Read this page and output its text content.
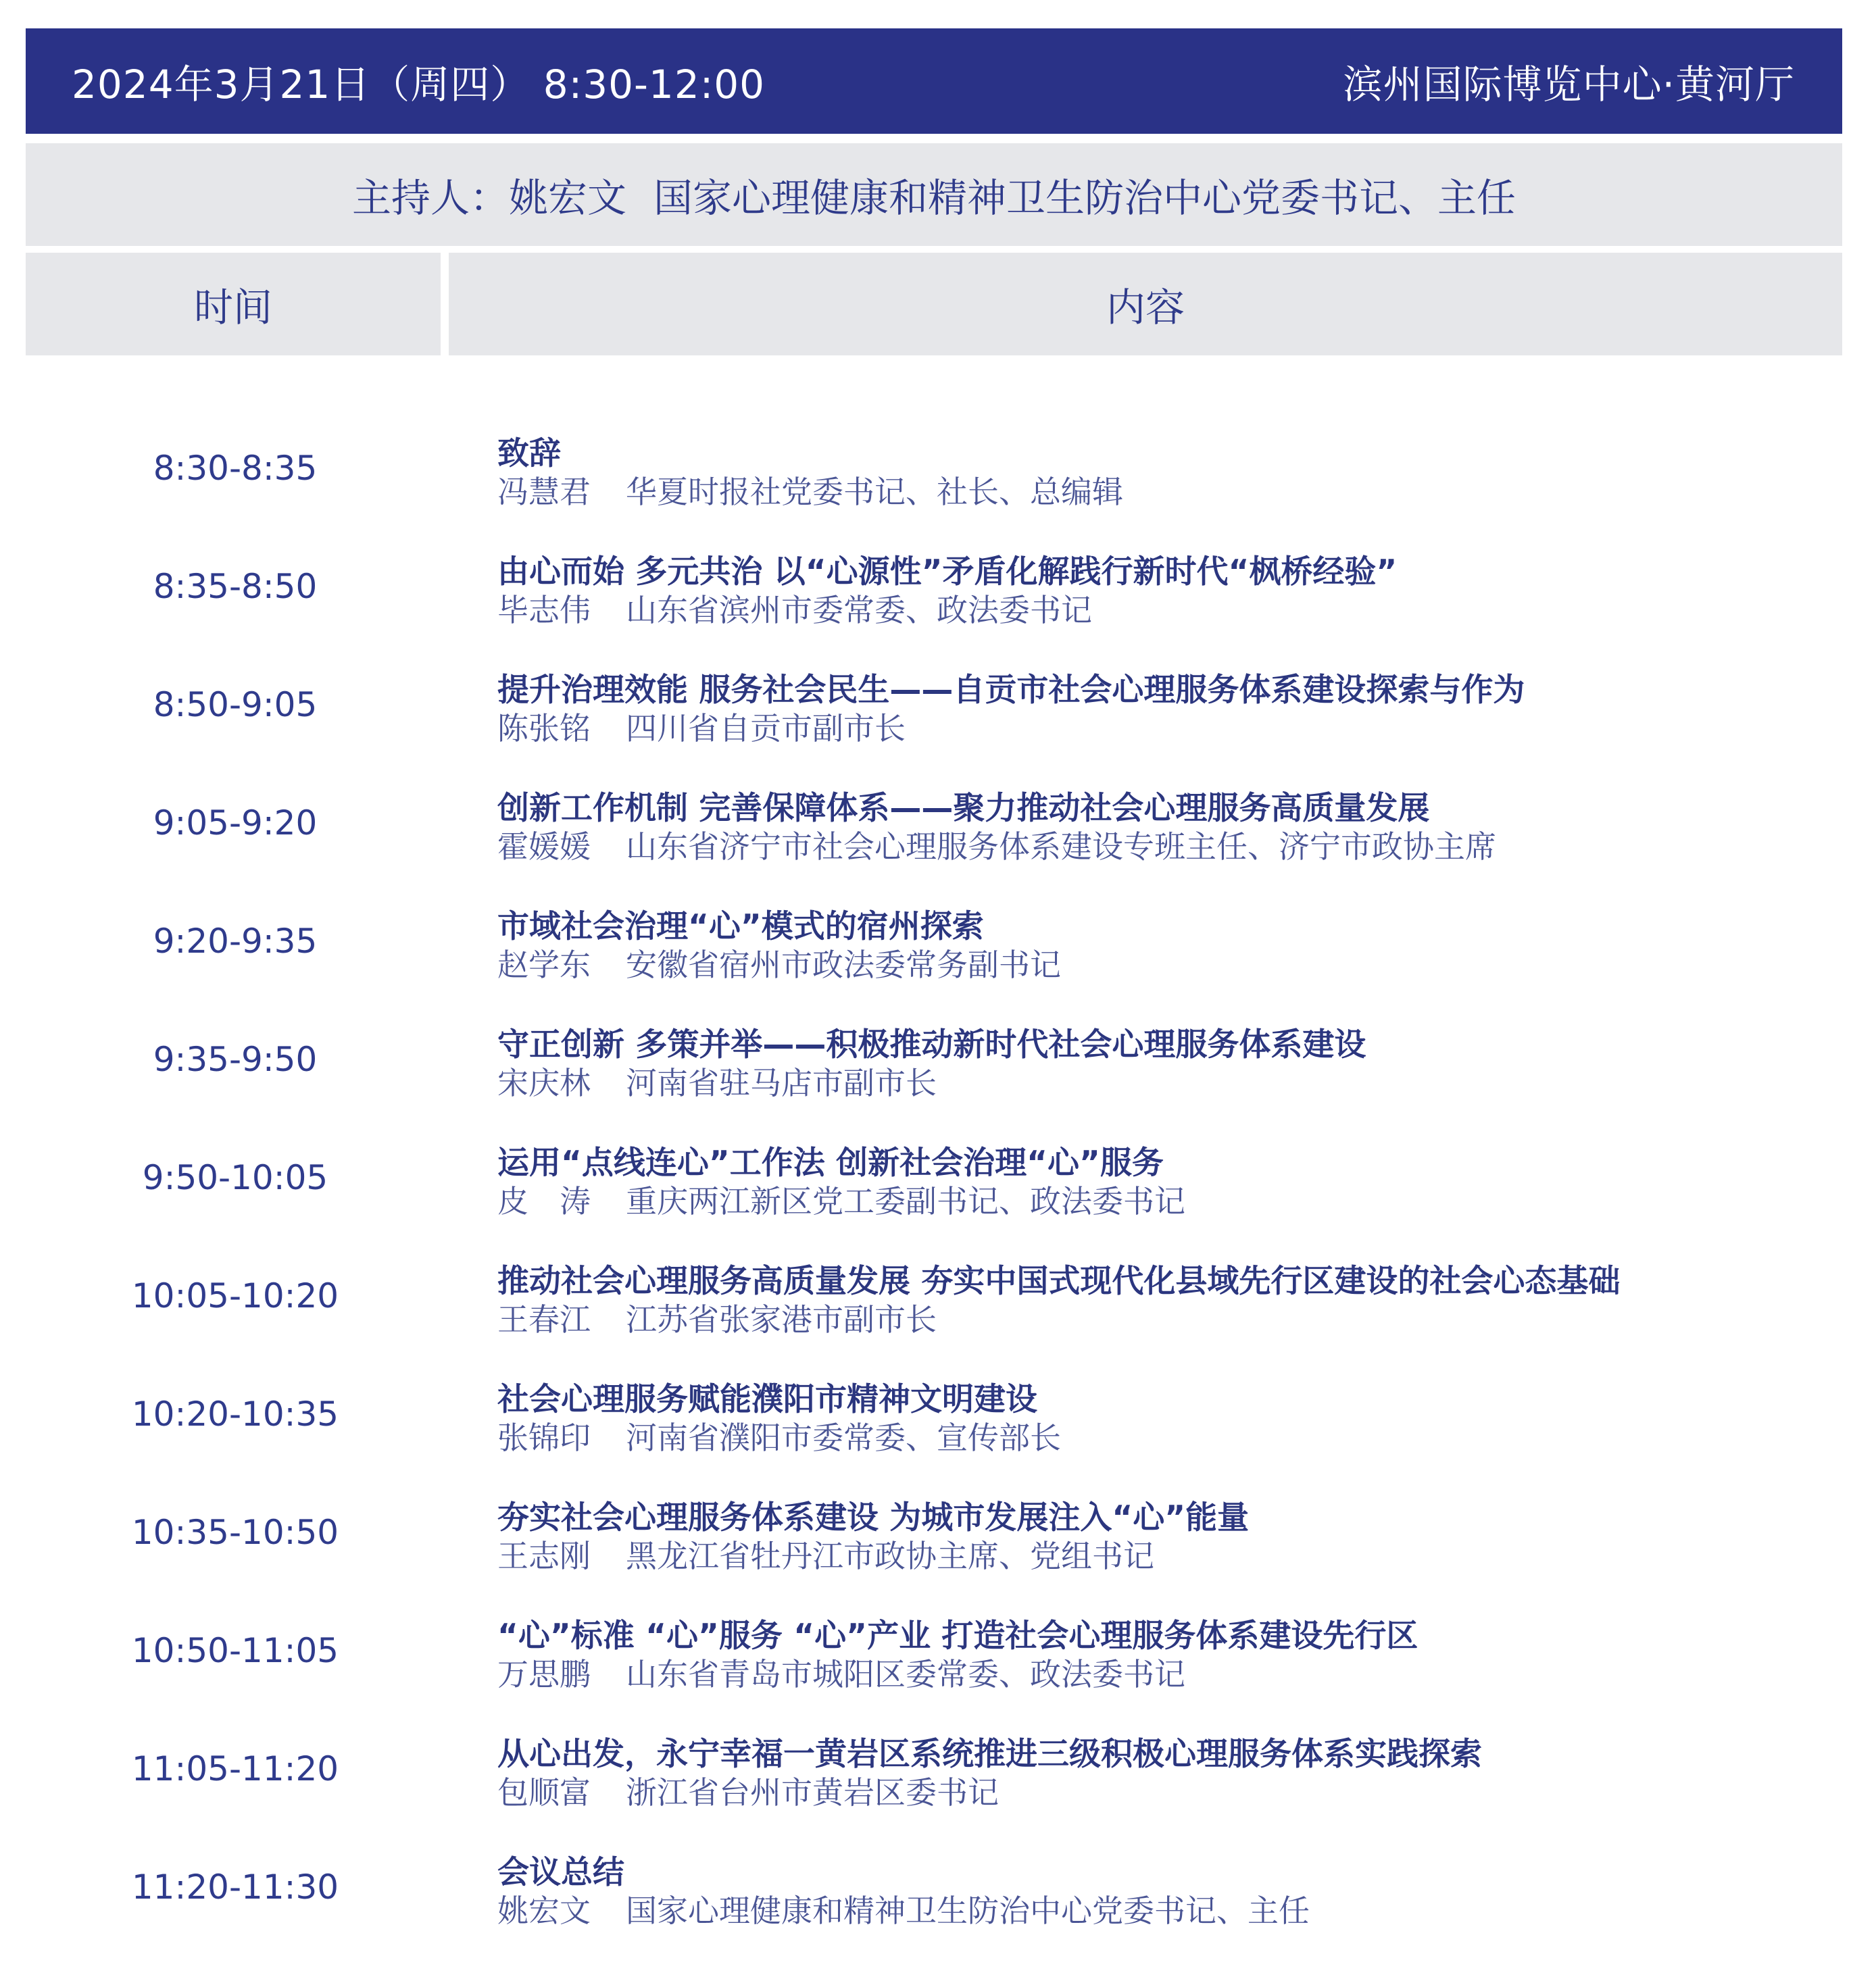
2024年3月21日（周四） 8:30-12:00	滨州国际博览中心·黄河厅
主持人： 姚宏文 国家心理健康和精神卫生防治中心党委书记、主任
时间	内容
8:30-8:35	致辞
冯慧君 华夏时报社党委书记、社长、总编辑
8:35-8:50	由心而始 多元共治 以“心源性”矛盾化解践行新时代“枫桥经验”
毕志伟 山东省滨州市委常委、政法委书记
8:50-9:05	提升治理效能 服务社会民生——自贡市社会心理服务体系建设探索与作为
陈张铭 四川省自贡市副市长
9:05-9:20	创新工作机制 完善保障体系——聚力推动社会心理服务高质量发展
霍媛媛 山东省济宁市社会心理服务体系建设专班主任、济宁市政协主席
9:20-9:35	市域社会治理“心”模式的宿州探索
赵学东 安徽省宿州市政法委常务副书记
9:35-9:50	守正创新 多策并举——积极推动新时代社会心理服务体系建设
宋庆林 河南省驻马店市副市长
9:50-10:05	运用“点线连心”工作法 创新社会治理“心”服务
皮　涛 重庆两江新区党工委副书记、政法委书记
10:05-10:20	推动社会心理服务高质量发展 夯实中国式现代化县域先行区建设的社会心态基础
王春江 江苏省张家港市副市长
10:20-10:35	社会心理服务赋能濮阳市精神文明建设
张锦印 河南省濮阳市委常委、宣传部长
10:35-10:50	夯实社会心理服务体系建设 为城市发展注入“心”能量
王志刚 黑龙江省牡丹江市政协主席、党组书记
10:50-11:05	“心”标准 “心”服务 “心”产业 打造社会心理服务体系建设先行区
万思鹏 山东省青岛市城阳区委常委、政法委书记
11:05-11:20	从心出发，永宁幸福一黄岩区系统推进三级积极心理服务体系实践探索
包顺富 浙江省台州市黄岩区委书记
11:20-11:30	会议总结
姚宏文 国家心理健康和精神卫生防治中心党委书记、主任
